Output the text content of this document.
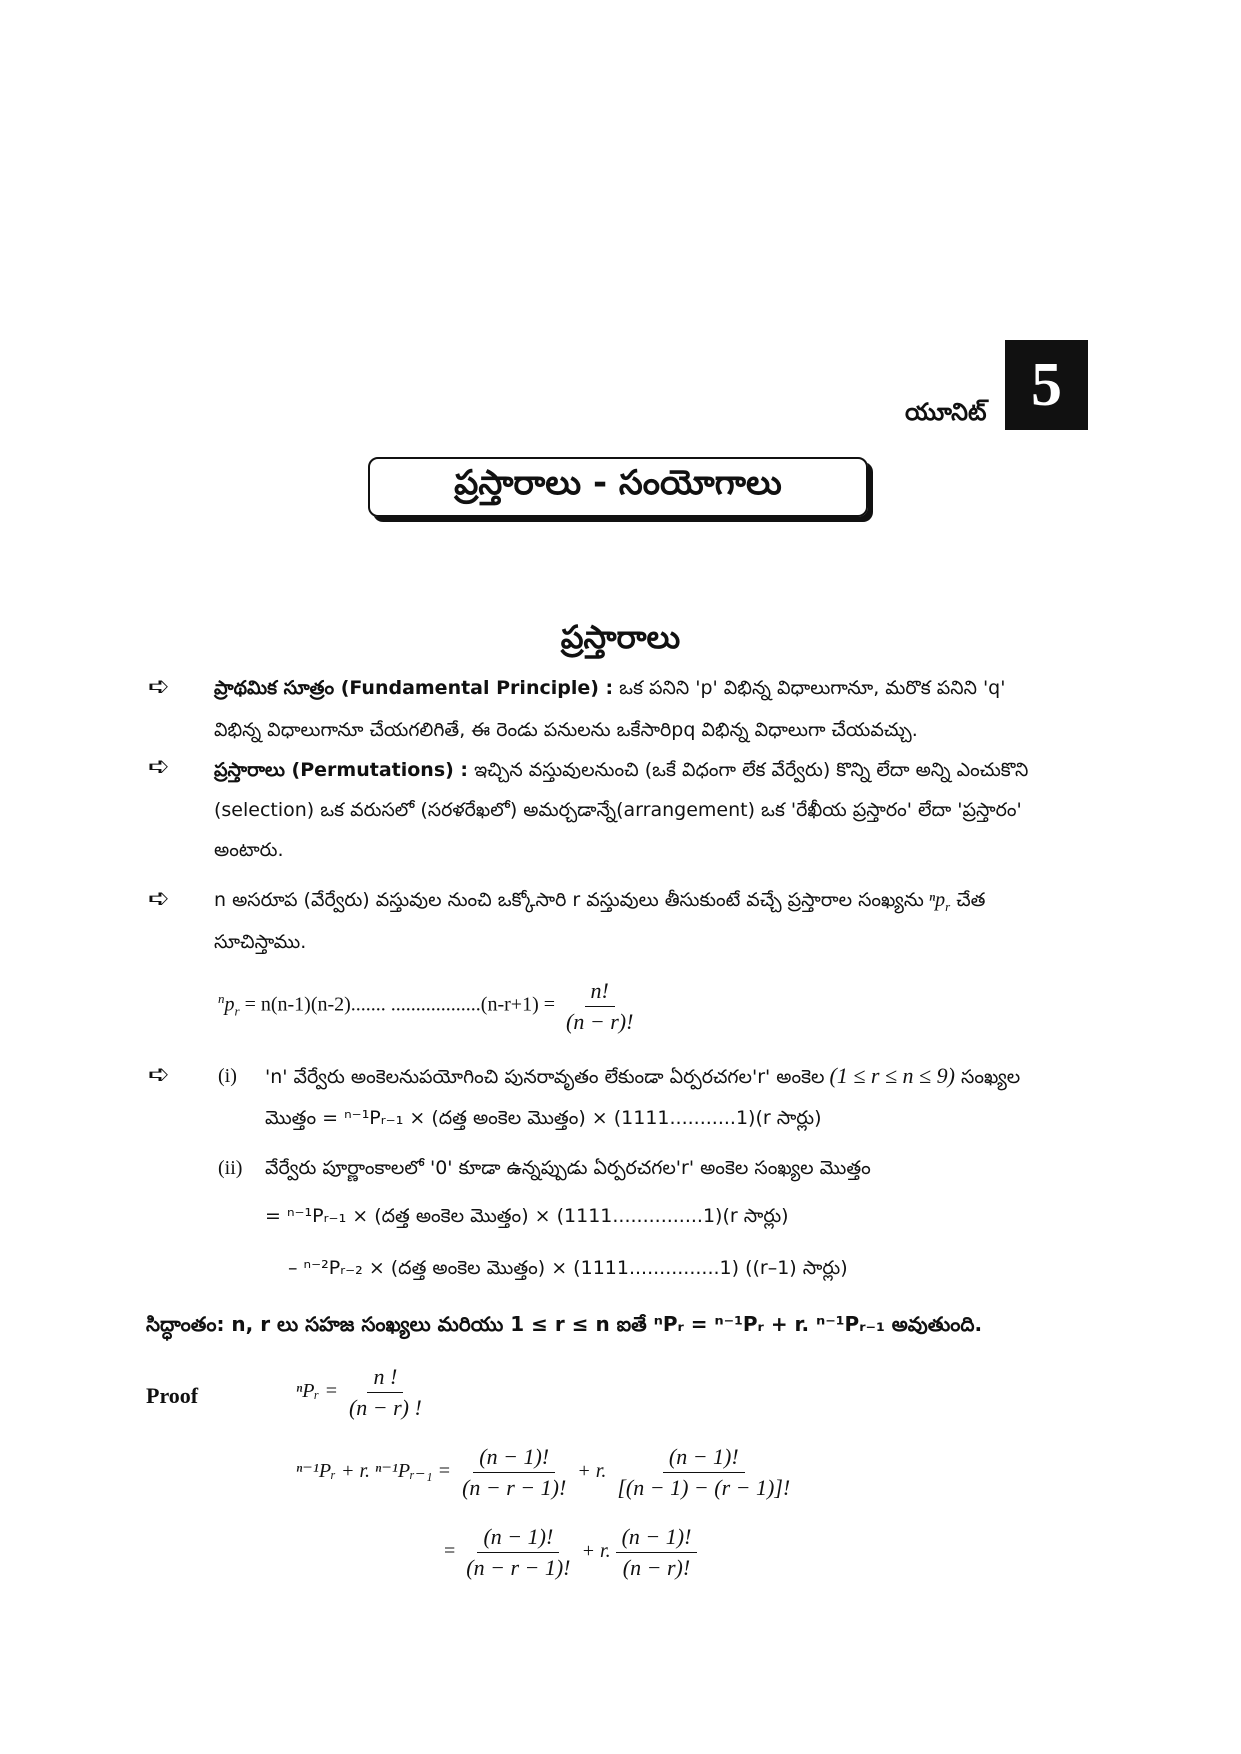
యూనిట్ 5
ప్రస్తారాలు - సంయోగాలు
ప్రస్తారాలు
➪ ప్రాథమిక సూత్రం (Fundamental Principle) : ఒక పనిని 'p' విభిన్న విధాలుగానూ, మరొక పనిని 'q'
విభిన్న విధాలుగానూ చేయగలిగితే, ఈ రెండు పనులను ఒకేసారిpq విభిన్న విధాలుగా చేయవచ్చు.
➪ ప్రస్తారాలు (Permutations) : ఇచ్చిన వస్తువులనుంచి (ఒకే విధంగా లేక వేర్వేరు) కొన్ని లేదా అన్ని ఎంచుకొని
(selection) ఒక వరుసలో (సరళరేఖలో) అమర్చడాన్నే(arrangement) ఒక 'రేఖీయ ప్రస్తారం' లేదా 'ప్రస్తారం'
అంటారు.
➪ n అసరూప (వేర్వేరు) వస్తువుల నుంచి ఒక్కోసారి r వస్తువులు తీసుకుంటే వచ్చే ప్రస్తారాల సంఖ్యను ⁿp$_r$ చేత
సూచిస్తాము.
$^np_r = n(n-1)(n-2)$....... $..................(n-r+1) = \frac{n!}{(n - r)!}$
➪ (i) 'n' వేర్వేరు అంకెలనుపయోగించి పునరావృతం లేకుండా ఏర్పరచగల'r' అంకెల (1 ≤ r ≤ n ≤ 9) సంఖ్యల
మొత్తం = ⁿ⁻¹Pᵣ₋₁ × (దత్త అంకెల మొత్తం) × (1111...........1)(r సార్లు)
(ii) వేర్వేరు పూర్ణాంకాలలో '0' కూడా ఉన్నప్పుడు ఏర్పరచగల'r' అంకెల సంఖ్యల మొత్తం
= ⁿ⁻¹Pᵣ₋₁ × (దత్త అంకెల మొత్తం) × (1111...............1)(r సార్లు)
– ⁿ⁻²Pᵣ₋₂ × (దత్త అంకెల మొత్తం) × (1111...............1) ((r–1) సార్లు)
సిద్ధాంతం: n, r లు సహజ సంఖ్యలు మరియు 1 ≤ r ≤ n ఐతే ⁿPᵣ = ⁿ⁻¹Pᵣ + r. ⁿ⁻¹Pᵣ₋₁ అవుతుంది.
Proof	ⁿPᵣ = $\frac{n !}{(n - r) !}$
ⁿ⁻¹Pᵣ + r. ⁿ⁻¹Pᵣ₋₁ = $\frac{(n - 1)!}{(n - r - 1)!} + r$. $\frac{(n - 1)!}{[(n - 1) - (r - 1)]!}$
= $\frac{(n - 1)!}{(n - r - 1)!} + r$. $\frac{(n - 1)!}{(n - r)!}$
